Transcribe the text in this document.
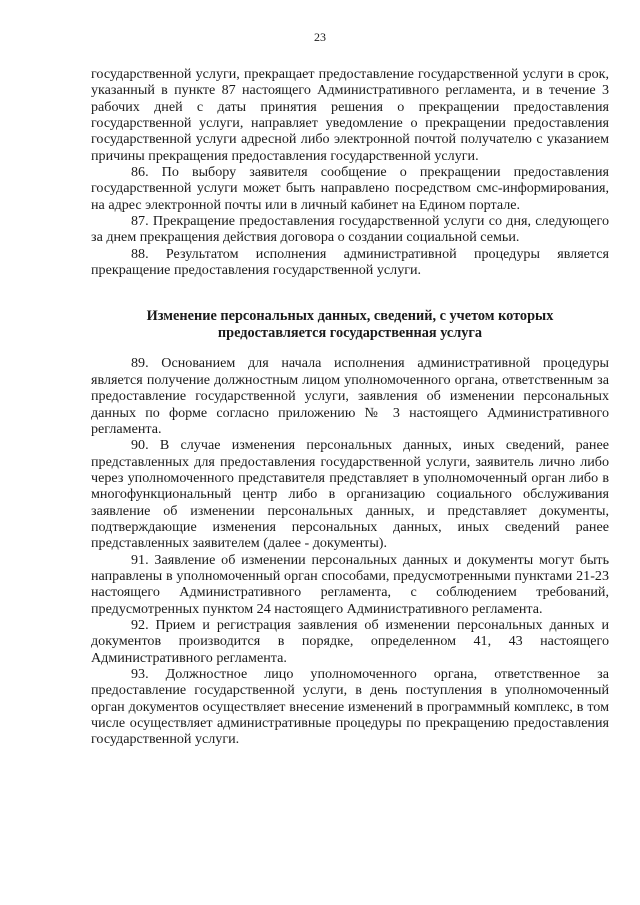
23

государственной услуги, прекращает предоставление государственной услуги в срок, указанный в пункте 87 настоящего Административного регламента, и в течение 3 рабочих дней с даты принятия решения о прекращении предоставления государственной услуги, направляет уведомление о прекращении предоставления государственной услуги адресной либо электронной почтой получателю с указанием причины прекращения предоставления государственной услуги.

86. По выбору заявителя сообщение о прекращении предоставления государственной услуги может быть направлено посредством смс-информирования, на адрес электронной почты или в личный кабинет на Едином портале.

87. Прекращение предоставления государственной услуги со дня, следующего за днем прекращения действия договора о создании социальной семьи.

88. Результатом исполнения административной процедуры является прекращение предоставления государственной услуги.

Изменение персональных данных, сведений, с учетом которых предоставляется государственная услуга

89. Основанием для начала исполнения административной процедуры является получение должностным лицом уполномоченного органа, ответственным за предоставление государственной услуги, заявления об изменении персональных данных по форме согласно приложению № 3 настоящего Административного регламента.

90. В случае изменения персональных данных, иных сведений, ранее представленных для предоставления государственной услуги, заявитель лично либо через уполномоченного представителя представляет в уполномоченный орган либо в многофункциональный центр либо в организацию социального обслуживания заявление об изменении персональных данных, и представляет документы, подтверждающие изменения персональных данных, иных сведений ранее представленных заявителем (далее - документы).

91. Заявление об изменении персональных данных и документы могут быть направлены в уполномоченный орган способами, предусмотренными пунктами 21-23 настоящего Административного регламента, с соблюдением требований, предусмотренных пунктом 24 настоящего Административного регламента.

92. Прием и регистрация заявления об изменении персональных данных и документов производится в порядке, определенном 41, 43 настоящего Административного регламента.

93. Должностное лицо уполномоченного органа, ответственное за предоставление государственной услуги, в день поступления в уполномоченный орган документов осуществляет внесение изменений в программный комплекс, в том числе осуществляет административные процедуры по прекращению предоставления государственной услуги.
